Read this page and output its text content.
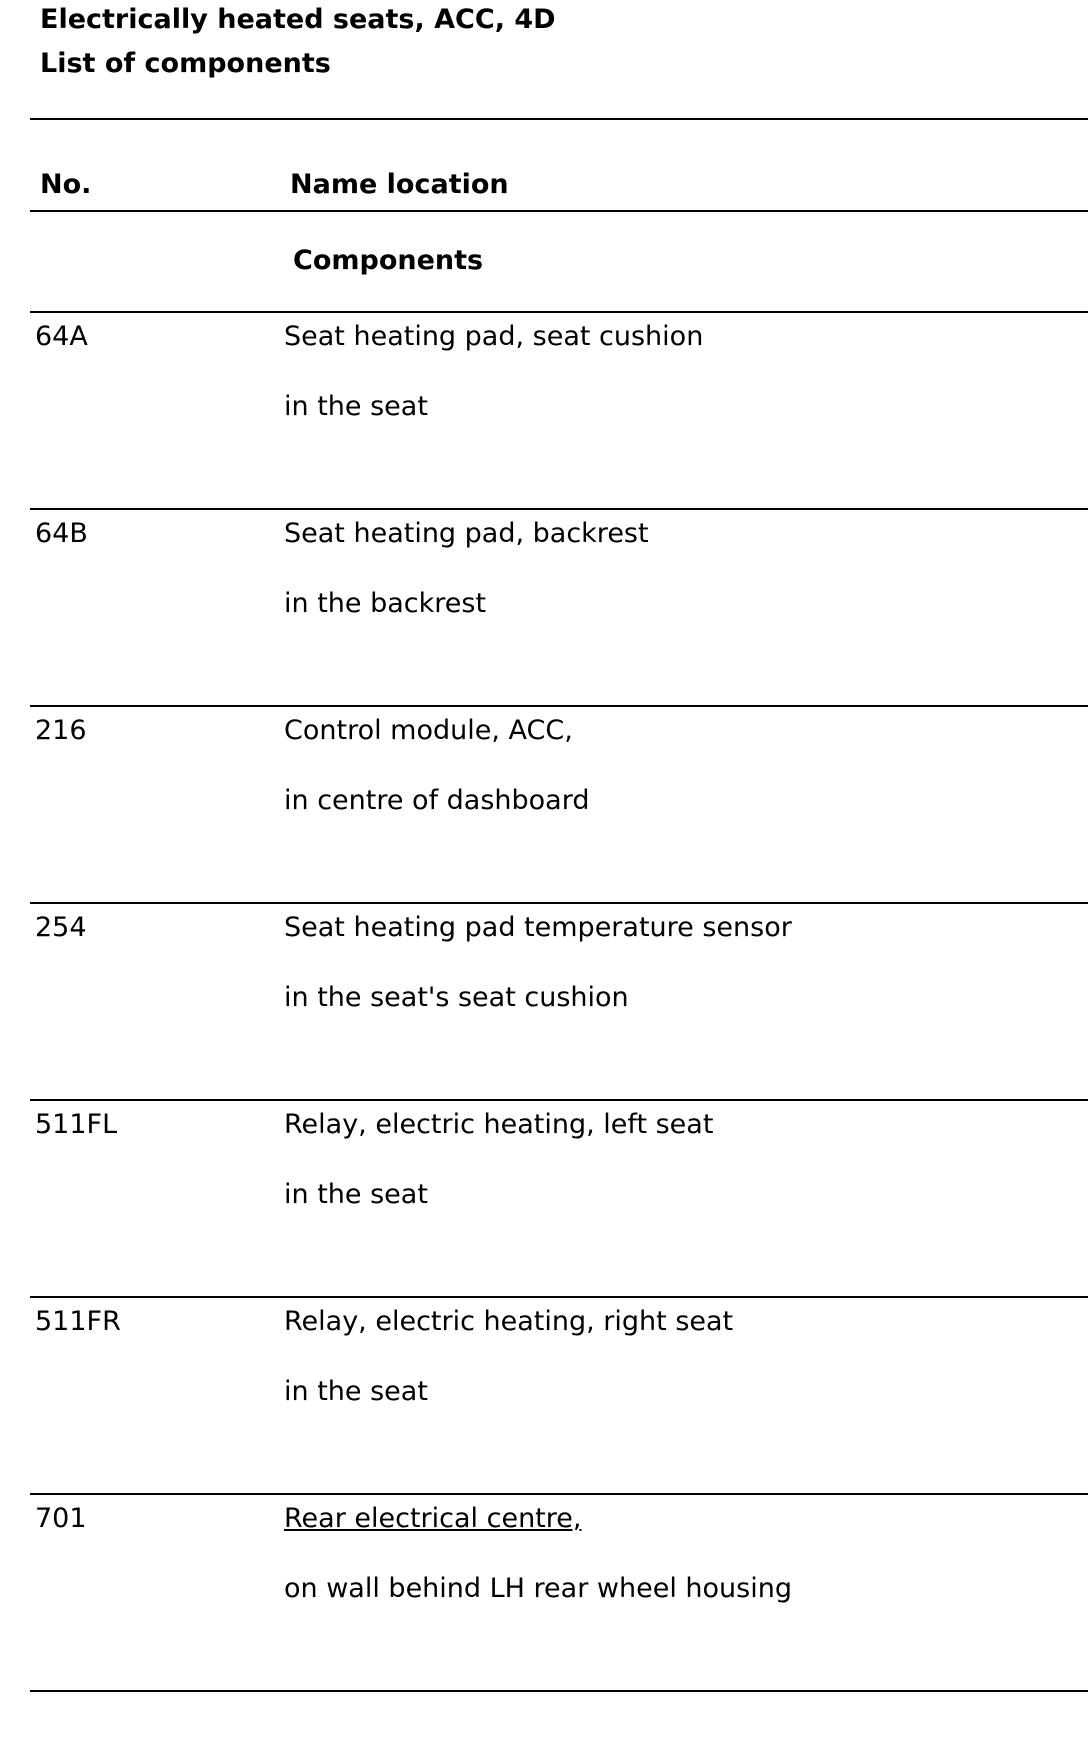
Electrically heated seats, ACC, 4D
List of components
No.	Name location
Components
64A	Seat heating pad, seat cushion
in the seat
64B	Seat heating pad, backrest
in the backrest
216	Control module, ACC,
in centre of dashboard
254	Seat heating pad temperature sensor
in the seat's seat cushion
511FL	Relay, electric heating, left seat
in the seat
511FR	Relay, electric heating, right seat
in the seat
701	Rear electrical centre,
on wall behind LH rear wheel housing
